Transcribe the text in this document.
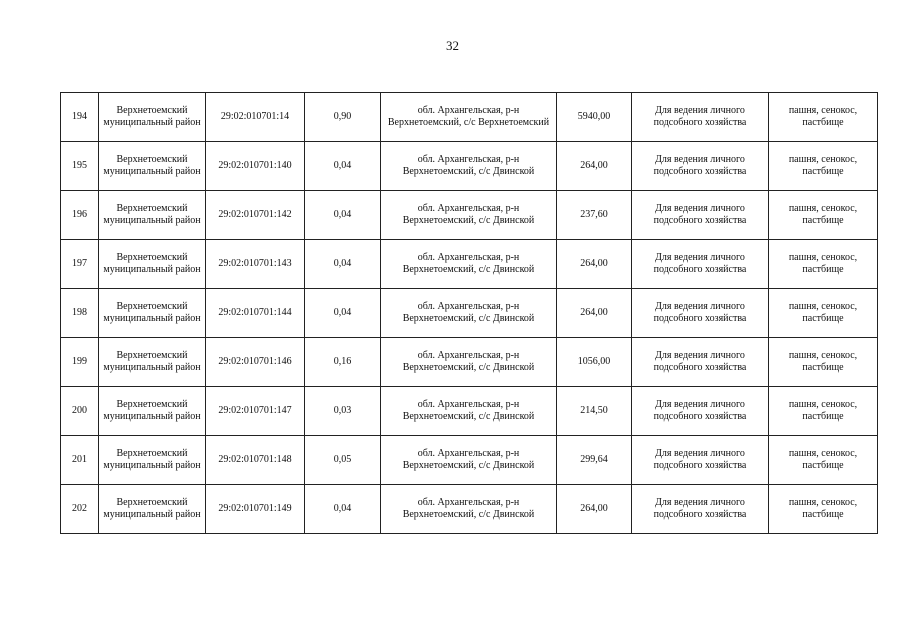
32
194	Верхнетоемский муниципальный район	29:02:010701:14	0,90	обл. Архангельская, р-н Верхнетоемский, с/с Верхнетоемский	5940,00	Для ведения личного подсобного хозяйства	пашня, сенокос, пастбище
195	Верхнетоемский муниципальный район	29:02:010701:140	0,04	обл. Архангельская, р-н Верхнетоемский, с/с Двинской	264,00	Для ведения личного подсобного хозяйства	пашня, сенокос, пастбище
196	Верхнетоемский муниципальный район	29:02:010701:142	0,04	обл. Архангельская, р-н Верхнетоемский, с/с Двинской	237,60	Для ведения личного подсобного хозяйства	пашня, сенокос, пастбище
197	Верхнетоемский муниципальный район	29:02:010701:143	0,04	обл. Архангельская, р-н Верхнетоемский, с/с Двинской	264,00	Для ведения личного подсобного хозяйства	пашня, сенокос, пастбище
198	Верхнетоемский муниципальный район	29:02:010701:144	0,04	обл. Архангельская, р-н Верхнетоемский, с/с Двинской	264,00	Для ведения личного подсобного хозяйства	пашня, сенокос, пастбище
199	Верхнетоемский муниципальный район	29:02:010701:146	0,16	обл. Архангельская, р-н Верхнетоемский, с/с Двинской	1056,00	Для ведения личного подсобного хозяйства	пашня, сенокос, пастбище
200	Верхнетоемский муниципальный район	29:02:010701:147	0,03	обл. Архангельская, р-н Верхнетоемский, с/с Двинской	214,50	Для ведения личного подсобного хозяйства	пашня, сенокос, пастбище
201	Верхнетоемский муниципальный район	29:02:010701:148	0,05	обл. Архангельская, р-н Верхнетоемский, с/с Двинской	299,64	Для ведения личного подсобного хозяйства	пашня, сенокос, пастбище
202	Верхнетоемский муниципальный район	29:02:010701:149	0,04	обл. Архангельская, р-н Верхнетоемский, с/с Двинской	264,00	Для ведения личного подсобного хозяйства	пашня, сенокос, пастбище
